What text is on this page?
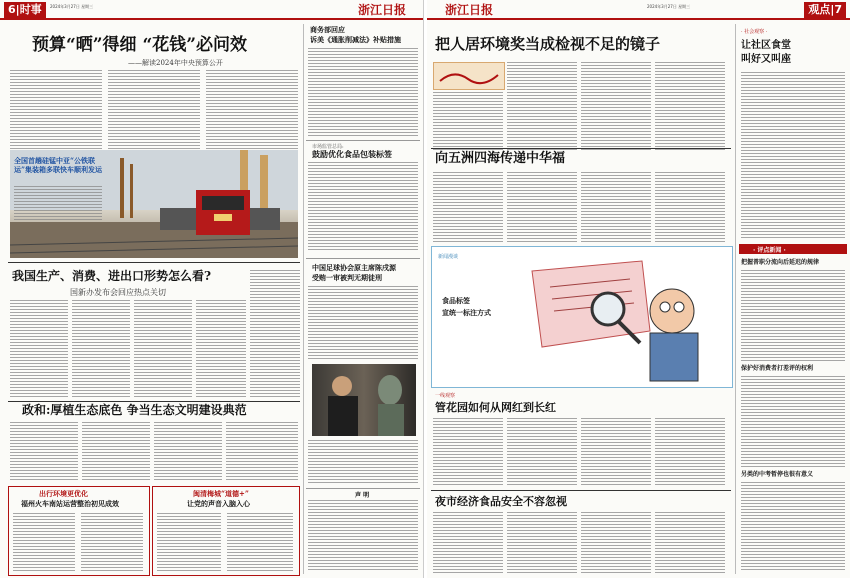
6|时事	2024年3月27日 星期三	浙江日报
预算“晒”得细 “花钱”必问效
——解读2024年中央预算公开
全国首趟硅锰中亚“公铁联运”集装箱多联快车顺利发运
我国生产、消费、进出口形势怎么看?
国新办发布会回应热点关切
政和:厚植生态底色 争当生态文明建设典范
出行环境更优化
福州火车南站运营整治初见成效
闽清梅城“道德+”
让党的声音入脑入心
商务部回应
诉美《通胀削减法》补贴措施
市场监管总局:
鼓励优化食品包装标签
中国足球协会原主席陈戌源
受贿一审被判无期徒刑
声 明
浙江日报	2024年3月27日 星期三	观点|7
把人居环境奖当成检视不足的镜子
向五洲四海传递中华福
新闻漫谈
食品标签
宣统一标注方式
一线观察
管花园如何从网红到长红
夜市经济食品安全不容忽视
· 社会观察 ·
让社区食堂
叫好又叫座
· 评点新闻 ·
把握普职分流向后延迟的规律
保护好消费者打差评的权利
另类的中考暂停也很有意义
